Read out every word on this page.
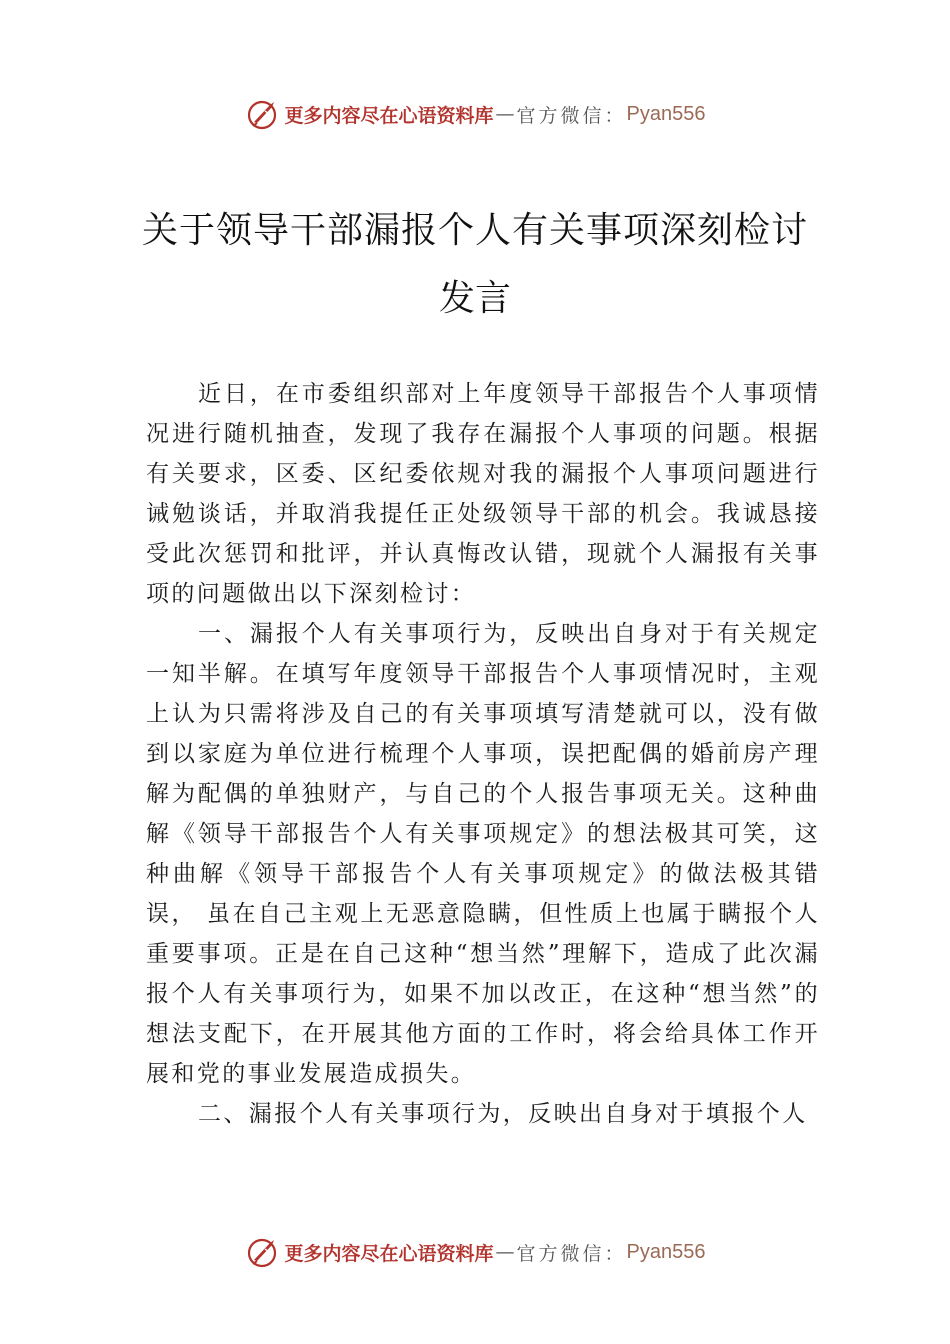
更多内容尽在心语资料库 — 官方微信： Pyan556
关于领导干部漏报个人有关事项深刻检讨
发言

近日，在市委组织部对上年度领导干部报告个人事项情况进行随机抽查，发现了我存在漏报个人事项的问题。根据有关要求，区委、区纪委依规对我的漏报个人事项问题进行诫勉谈话，并取消我提任正处级领导干部的机会。我诚恳接受此次惩罚和批评，并认真悔改认错，现就个人漏报有关事项的问题做出以下深刻检讨：

一、漏报个人有关事项行为，反映出自身对于有关规定一知半解。在填写年度领导干部报告个人事项情况时，主观上认为只需将涉及自己的有关事项填写清楚就可以，没有做到以家庭为单位进行梳理个人事项，误把配偶的婚前房产理解为配偶的单独财产，与自己的个人报告事项无关。这种曲解《领导干部报告个人有关事项规定》的想法极其可笑，这种曲解《领导干部报告个人有关事项规定》的做法极其错误， 虽在自己主观上无恶意隐瞒，但性质上也属于瞒报个人重要事项。正是在自己这种“想当然”理解下，造成了此次漏报个人有关事项行为，如果不加以改正，在这种“想当然”的想法支配下，在开展其他方面的工作时，将会给具体工作开展和党的事业发展造成损失。

二、漏报个人有关事项行为，反映出自身对于填报个人

更多内容尽在心语资料库 — 官方微信： Pyan556
